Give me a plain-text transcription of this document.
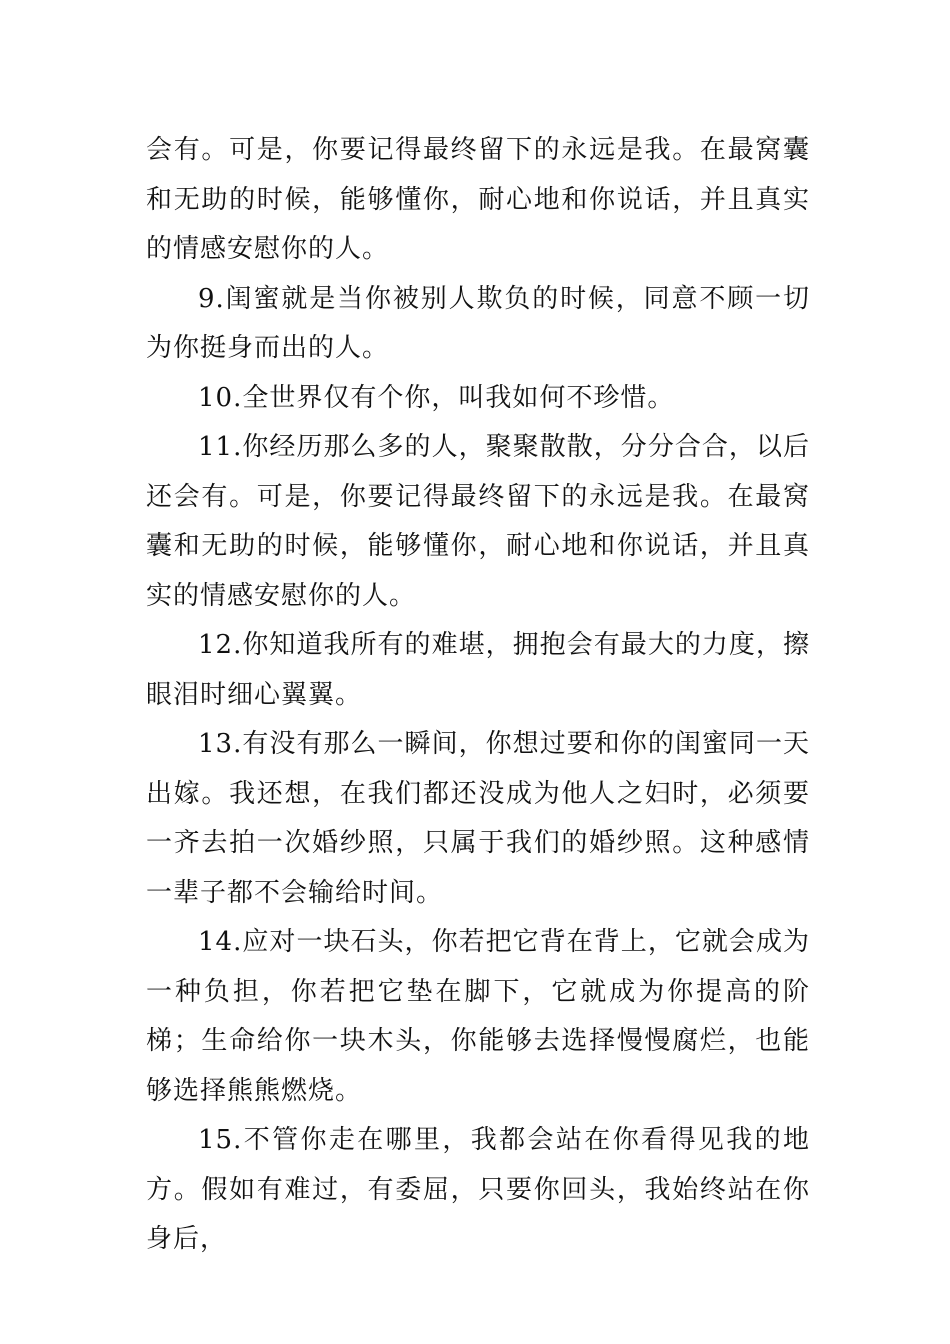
会有。可是，你要记得最终留下的永远是我。在最窝囊和无助的时候，能够懂你，耐心地和你说话，并且真实的情感安慰你的人。

9.闺蜜就是当你被别人欺负的时候，同意不顾一切为你挺身而出的人。

10.全世界仅有个你，叫我如何不珍惜。

11.你经历那么多的人，聚聚散散，分分合合，以后还会有。可是，你要记得最终留下的永远是我。在最窝囊和无助的时候，能够懂你，耐心地和你说话，并且真实的情感安慰你的人。

12.你知道我所有的难堪，拥抱会有最大的力度，擦眼泪时细心翼翼。

13.有没有那么一瞬间，你想过要和你的闺蜜同一天出嫁。我还想，在我们都还没成为他人之妇时，必须要一齐去拍一次婚纱照，只属于我们的婚纱照。这种感情一辈子都不会输给时间。

14.应对一块石头，你若把它背在背上，它就会成为一种负担，你若把它垫在脚下，它就成为你提高的阶梯；生命给你一块木头，你能够去选择慢慢腐烂，也能够选择熊熊燃烧。

15.不管你走在哪里，我都会站在你看得见我的地方。假如有难过，有委屈，只要你回头，我始终站在你身后，
